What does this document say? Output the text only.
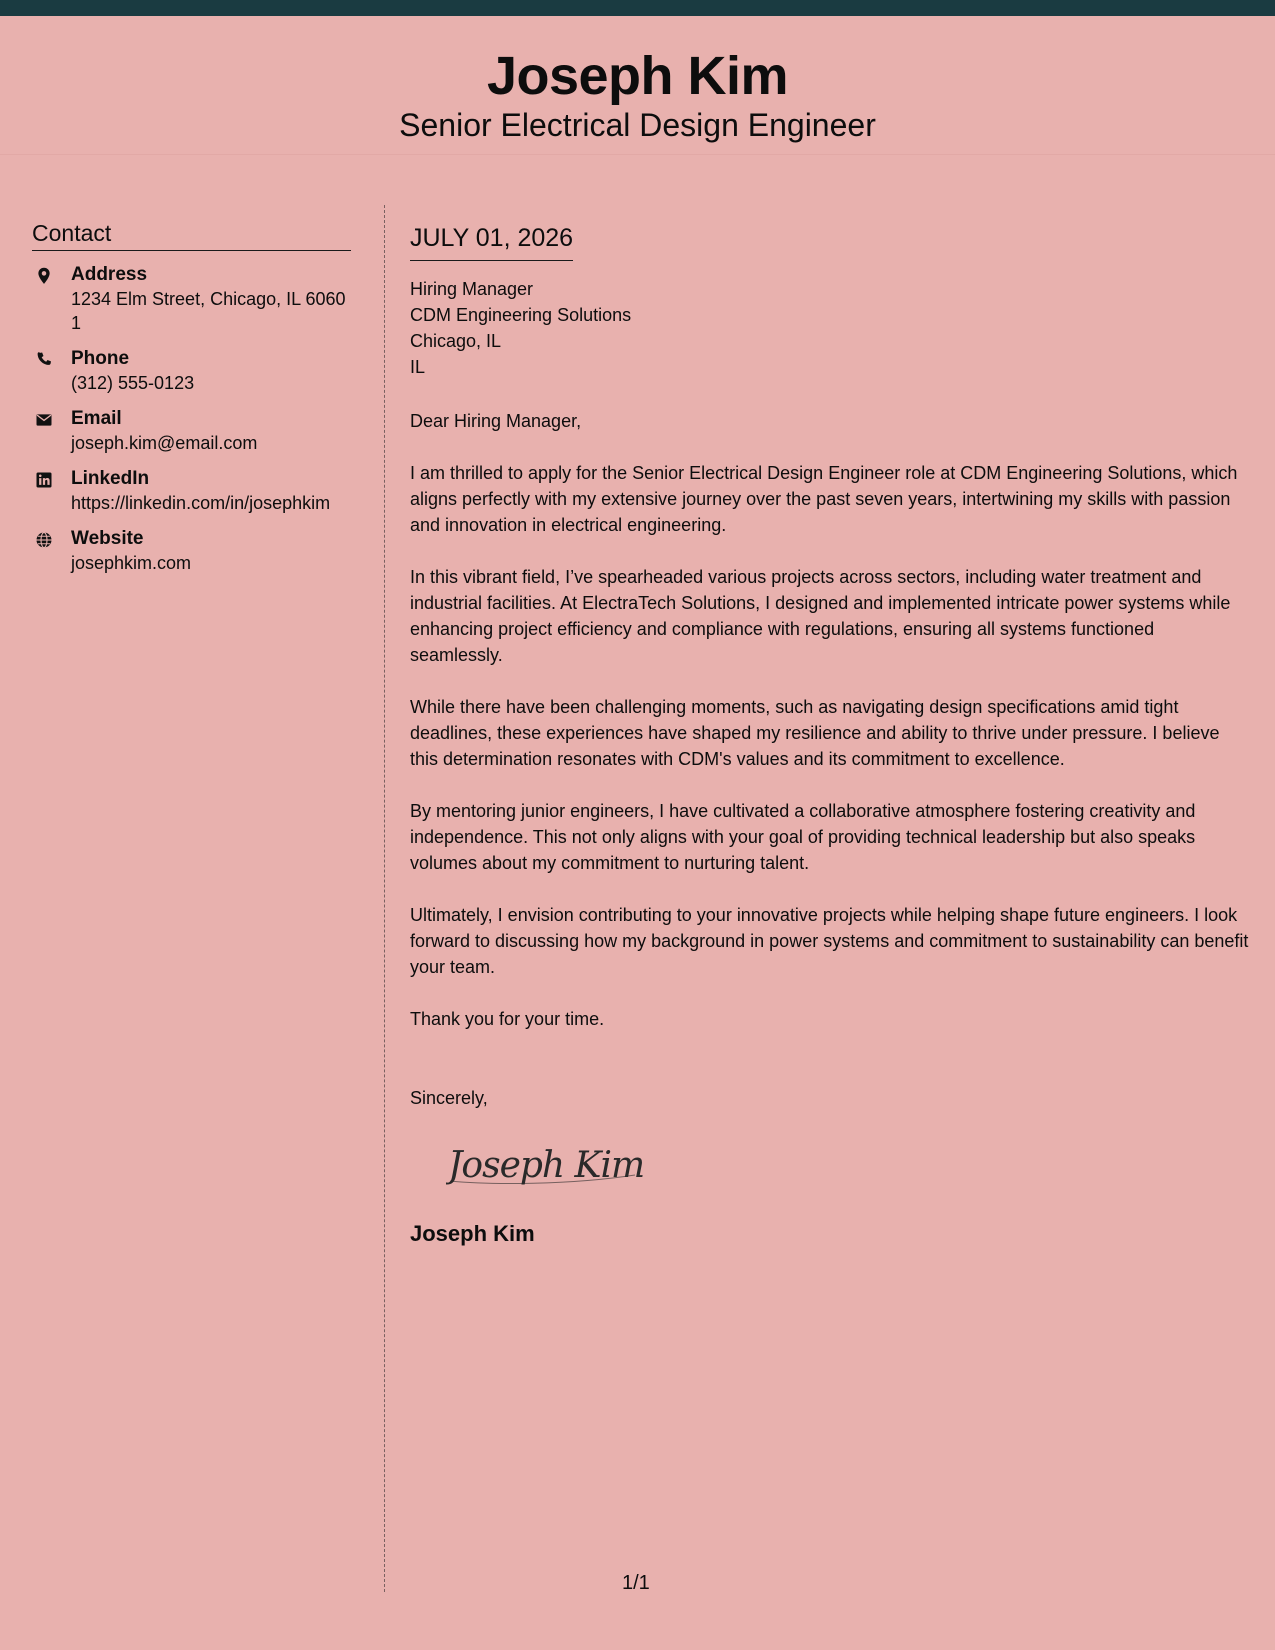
Joseph Kim
Senior Electrical Design Engineer
Contact
Address
1234 Elm Street, Chicago, IL 60601
Phone
(312) 555-0123
Email
joseph.kim@email.com
LinkedIn
https://linkedin.com/in/josephkim
Website
josephkim.com
JULY 01, 2026
Hiring Manager
CDM Engineering Solutions
Chicago, IL
IL
Dear Hiring Manager,
I am thrilled to apply for the Senior Electrical Design Engineer role at CDM Engineering Solutions, which aligns perfectly with my extensive journey over the past seven years, intertwining my skills with passion and innovation in electrical engineering.
In this vibrant field, I’ve spearheaded various projects across sectors, including water treatment and industrial facilities. At ElectraTech Solutions, I designed and implemented intricate power systems while enhancing project efficiency and compliance with regulations, ensuring all systems functioned seamlessly.
While there have been challenging moments, such as navigating design specifications amid tight deadlines, these experiences have shaped my resilience and ability to thrive under pressure. I believe this determination resonates with CDM's values and its commitment to excellence.
By mentoring junior engineers, I have cultivated a collaborative atmosphere fostering creativity and independence. This not only aligns with your goal of providing technical leadership but also speaks volumes about my commitment to nurturing talent.
Ultimately, I envision contributing to your innovative projects while helping shape future engineers. I look forward to discussing how my background in power systems and commitment to sustainability can benefit your team.
Thank you for your time.
Sincerely,
Joseph Kim
Joseph Kim
1/1
